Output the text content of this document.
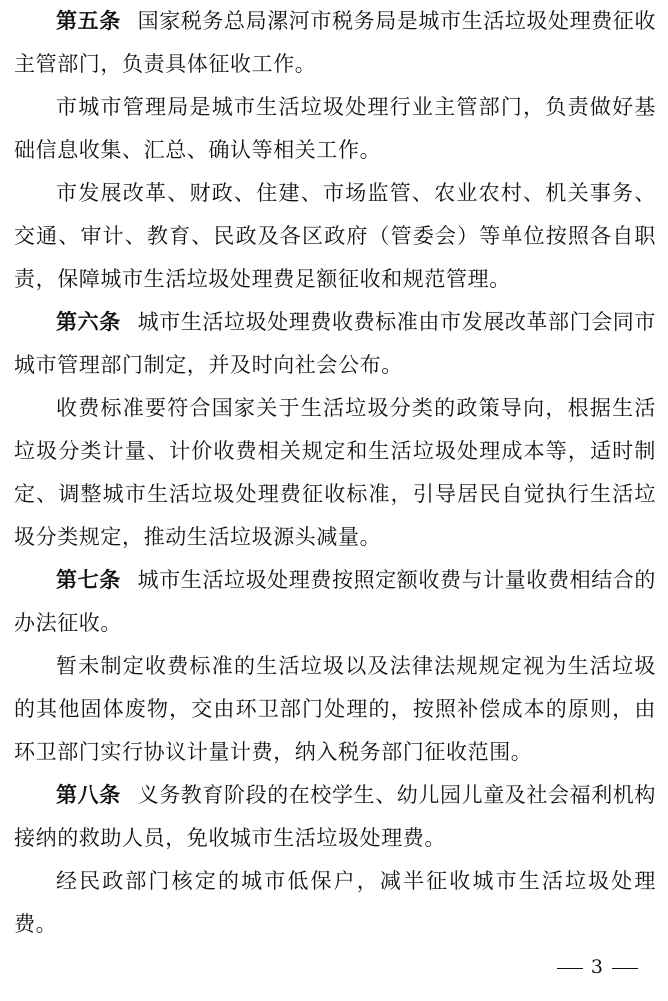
第五条 国家税务总局漯河市税务局是城市生活垃圾处理费征收主管部门，负责具体征收工作。

市城市管理局是城市生活垃圾处理行业主管部门，负责做好基础信息收集、汇总、确认等相关工作。

市发展改革、财政、住建、市场监管、农业农村、机关事务、交通、审计、教育、民政及各区政府（管委会）等单位按照各自职责，保障城市生活垃圾处理费足额征收和规范管理。

第六条 城市生活垃圾处理费收费标准由市发展改革部门会同市城市管理部门制定，并及时向社会公布。

收费标准要符合国家关于生活垃圾分类的政策导向，根据生活垃圾分类计量、计价收费相关规定和生活垃圾处理成本等，适时制定、调整城市生活垃圾处理费征收标准，引导居民自觉执行生活垃圾分类规定，推动生活垃圾源头减量。

第七条 城市生活垃圾处理费按照定额收费与计量收费相结合的办法征收。

暂未制定收费标准的生活垃圾以及法律法规规定视为生活垃圾的其他固体废物，交由环卫部门处理的，按照补偿成本的原则，由环卫部门实行协议计量计费，纳入税务部门征收范围。

第八条 义务教育阶段的在校学生、幼儿园儿童及社会福利机构接纳的救助人员，免收城市生活垃圾处理费。

经民政部门核定的城市低保户，减半征收城市生活垃圾处理费。

3
